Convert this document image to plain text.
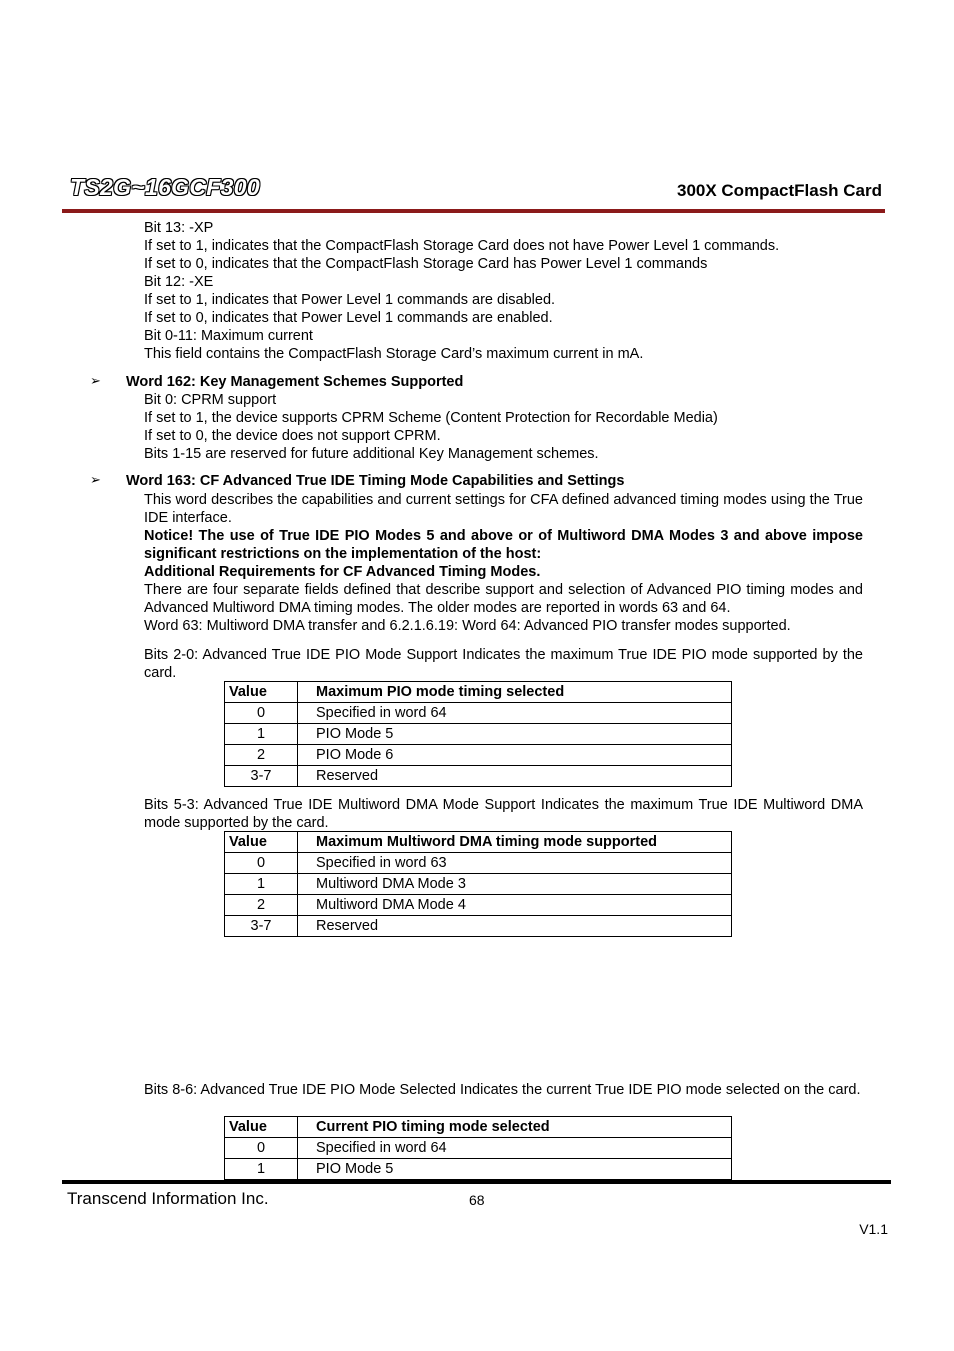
TS2G~16GCF300	300X CompactFlash Card
Bit 13: -XP
If set to 1, indicates that the CompactFlash Storage Card does not have Power Level 1 commands.
If set to 0, indicates that the CompactFlash Storage Card has Power Level 1 commands
Bit 12: -XE
If set to 1, indicates that Power Level 1 commands are disabled.
If set to 0, indicates that Power Level 1 commands are enabled.
Bit 0-11: Maximum current
This field contains the CompactFlash Storage Card’s maximum current in mA.
➢ Word 162: Key Management Schemes Supported
Bit 0: CPRM support
If set to 1, the device supports CPRM Scheme (Content Protection for Recordable Media)
If set to 0, the device does not support CPRM.
Bits 1-15 are reserved for future additional Key Management schemes.
➢ Word 163: CF Advanced True IDE Timing Mode Capabilities and Settings
This word describes the capabilities and current settings for CFA defined advanced timing modes using the True IDE interface.
Notice! The use of True IDE PIO Modes 5 and above or of Multiword DMA Modes 3 and above impose significant restrictions on the implementation of the host:
Additional Requirements for CF Advanced Timing Modes.
There are four separate fields defined that describe support and selection of Advanced PIO timing modes and Advanced Multiword DMA timing modes. The older modes are reported in words 63 and 64.
Word 63: Multiword DMA transfer and 6.2.1.6.19: Word 64: Advanced PIO transfer modes supported.
Bits 2-0: Advanced True IDE PIO Mode Support Indicates the maximum True IDE PIO mode supported by the card.
Value	Maximum PIO mode timing selected
0	Specified in word 64
1	PIO Mode 5
2	PIO Mode 6
3-7	Reserved
Bits 5-3: Advanced True IDE Multiword DMA Mode Support Indicates the maximum True IDE Multiword DMA mode supported by the card.
Value	Maximum Multiword DMA timing mode supported
0	Specified in word 63
1	Multiword DMA Mode 3
2	Multiword DMA Mode 4
3-7	Reserved
Bits 8-6: Advanced True IDE PIO Mode Selected Indicates the current True IDE PIO mode selected on the card.
Value	Current PIO timing mode selected
0	Specified in word 64
1	PIO Mode 5
Transcend Information Inc.	68
V1.1
